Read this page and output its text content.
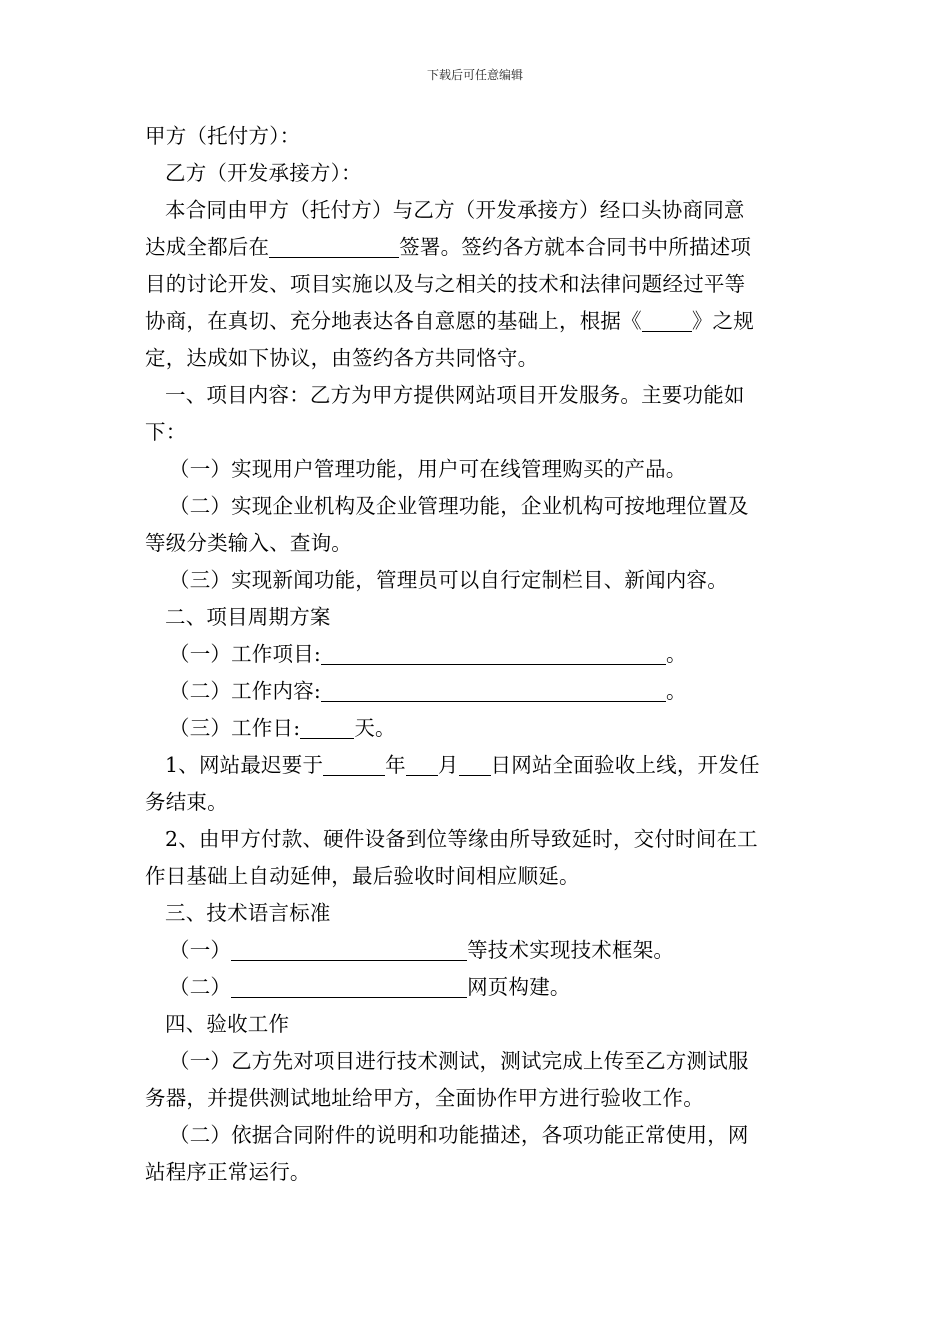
下载后可任意编辑
甲方（托付方）：
乙方（开发承接方）：
本合同由甲方（托付方）与乙方（开发承接方）经口头协商同意
达成全都后在	签署。签约各方就本合同书中所描述项
目的讨论开发、项目实施以及与之相关的技术和法律问题经过平等
协商，在真切、充分地表达各自意愿的基础上，根据《 》之规
定，达成如下协议，由签约各方共同恪守。
一、项目内容：乙方为甲方提供网站项目开发服务。主要功能如
下：
（一）实现用户管理功能，用户可在线管理购买的产品。
（二）实现企业机构及企业管理功能，企业机构可按地理位置及
等级分类输入、查询。
（三）实现新闻功能，管理员可以自行定制栏目、新闻内容。
二、项目周期方案
（一）工作项目:	。
（二）工作内容:	。
（三）工作日:	天。
1、网站最迟要于	年 月 日网站全面验收上线，开发任
务结束。
2、由甲方付款、硬件设备到位等缘由所导致延时，交付时间在工
作日基础上自动延伸，最后验收时间相应顺延。
三、技术语言标准
（一）	等技术实现技术框架。
（二）	网页构建。
四、验收工作
（一）乙方先对项目进行技术测试，测试完成上传至乙方测试服
务器，并提供测试地址给甲方，全面协作甲方进行验收工作。
（二）依据合同附件的说明和功能描述，各项功能正常使用，网
站程序正常运行。
